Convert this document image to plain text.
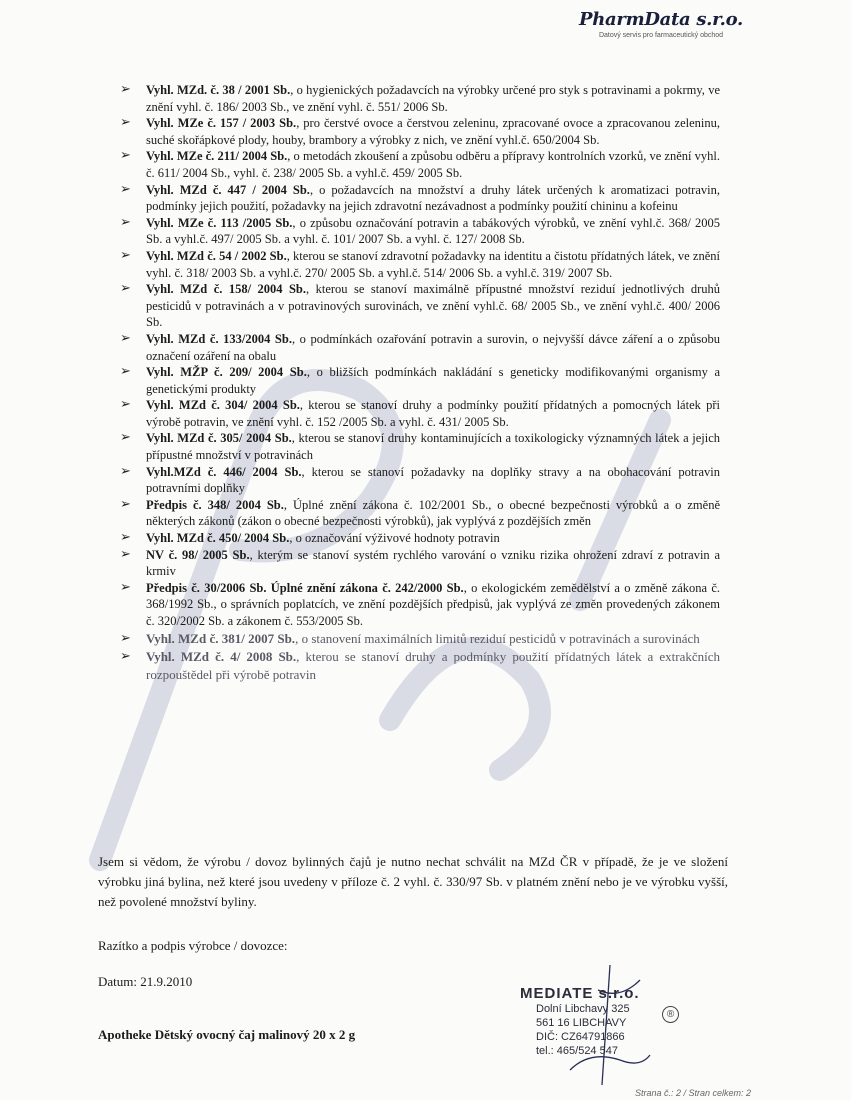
PharmData s.r.o.
Datový servis pro farmaceutický obchod
➢ Vyhl. MZd. č. 38 / 2001 Sb., o hygienických požadavcích na výrobky určené pro styk s potravinami a pokrmy, ve znění vyhl. č. 186/ 2003 Sb., ve znění vyhl. č. 551/ 2006 Sb.
➢ Vyhl. MZe č. 157 / 2003 Sb., pro čerstvé ovoce a čerstvou zeleninu, zpracované ovoce a zpracovanou zeleninu, suché skořápkové plody, houby, brambory a výrobky z nich, ve znění vyhl.č. 650/2004 Sb.
➢ Vyhl. MZe č. 211/ 2004 Sb., o metodách zkoušení a způsobu odběru a přípravy kontrolních vzorků, ve znění vyhl. č. 611/ 2004 Sb., vyhl. č. 238/ 2005 Sb. a vyhl.č. 459/ 2005 Sb.
➢ Vyhl. MZd č. 447 / 2004 Sb., o požadavcích na množství a druhy látek určených k aromatizaci potravin, podmínky jejich použití, požadavky na jejich zdravotní nezávadnost a podmínky použití chininu a kofeinu
➢ Vyhl. MZe č. 113 /2005 Sb., o způsobu označování potravin a tabákových výrobků, ve znění vyhl.č. 368/ 2005 Sb. a vyhl.č. 497/ 2005 Sb. a vyhl. č. 101/ 2007 Sb. a vyhl. č. 127/ 2008 Sb.
➢ Vyhl. MZd č. 54 / 2002 Sb., kterou se stanoví zdravotní požadavky na identitu a čistotu přídatných látek, ve znění vyhl. č. 318/ 2003 Sb. a vyhl.č. 270/ 2005 Sb. a vyhl.č. 514/ 2006 Sb. a vyhl.č. 319/ 2007 Sb.
➢ Vyhl. MZd č. 158/ 2004 Sb., kterou se stanoví maximálně přípustné množství reziduí jednotlivých druhů pesticidů v potravinách a v potravinových surovinách, ve znění vyhl.č. 68/ 2005 Sb., ve znění vyhl.č. 400/ 2006 Sb.
➢ Vyhl. MZd č. 133/2004 Sb., o podmínkách ozařování potravin a surovin, o nejvyšší dávce záření a o způsobu označení ozáření na obalu
➢ Vyhl. MŽP č. 209/ 2004 Sb., o bližších podmínkách nakládání s geneticky modifikovanými organismy a genetickými produkty
➢ Vyhl. MZd č. 304/ 2004 Sb., kterou se stanoví druhy a podmínky použití přídatných a pomocných látek při výrobě potravin, ve znění vyhl. č. 152 /2005 Sb. a vyhl. č. 431/ 2005 Sb.
➢ Vyhl. MZd č. 305/ 2004 Sb., kterou se stanoví druhy kontaminujících a toxikologicky významných látek a jejich přípustné množství v potravinách
➢ Vyhl.MZd č. 446/ 2004 Sb., kterou se stanoví požadavky na doplňky stravy a na obohacování potravin potravními doplňky
➢ Předpis č. 348/ 2004 Sb., Úplné znění zákona č. 102/2001 Sb., o obecné bezpečnosti výrobků a o změně některých zákonů (zákon o obecné bezpečnosti výrobků), jak vyplývá z pozdějších změn
➢ Vyhl. MZd č. 450/ 2004 Sb., o označování výživové hodnoty potravin
➢ NV č. 98/ 2005 Sb., kterým se stanoví systém rychlého varování o vzniku rizika ohrožení zdraví z potravin a krmiv
➢ Předpis č. 30/2006 Sb. Úplné znění zákona č. 242/2000 Sb., o ekologickém zemědělství a o změně zákona č. 368/1992 Sb., o správních poplatcích, ve znění pozdějších předpisů, jak vyplývá ze změn provedených zákonem č. 320/2002 Sb. a zákonem č. 553/2005 Sb.
➢ Vyhl. MZd č. 381/ 2007 Sb., o stanovení maximálních limitů reziduí pesticidů v potravinách a surovinách
➢ Vyhl. MZd č. 4/ 2008 Sb., kterou se stanoví druhy a podmínky použití přídatných látek a extrakčních rozpouštědel při výrobě potravin
Jsem si vědom, že výrobu / dovoz bylinných čajů je nutno nechat schválit na MZd ČR v případě, že je ve složení výrobku jiná bylina, než které jsou uvedeny v příloze č. 2 vyhl. č. 330/97 Sb. v platném znění nebo je ve výrobku vyšší, než povolené množství byliny.
Razítko a podpis výrobce / dovozce:
Datum: 21.9.2010
Apotheke Dětský ovocný čaj malinový 20 x 2 g
MEDIATE s.r.o.
Dolní Libchavy 325
561 16 LIBCHAVY
DIČ: CZ64791866
tel.: 465/524 547
®
Strana č.: 2 / Stran celkem: 2
